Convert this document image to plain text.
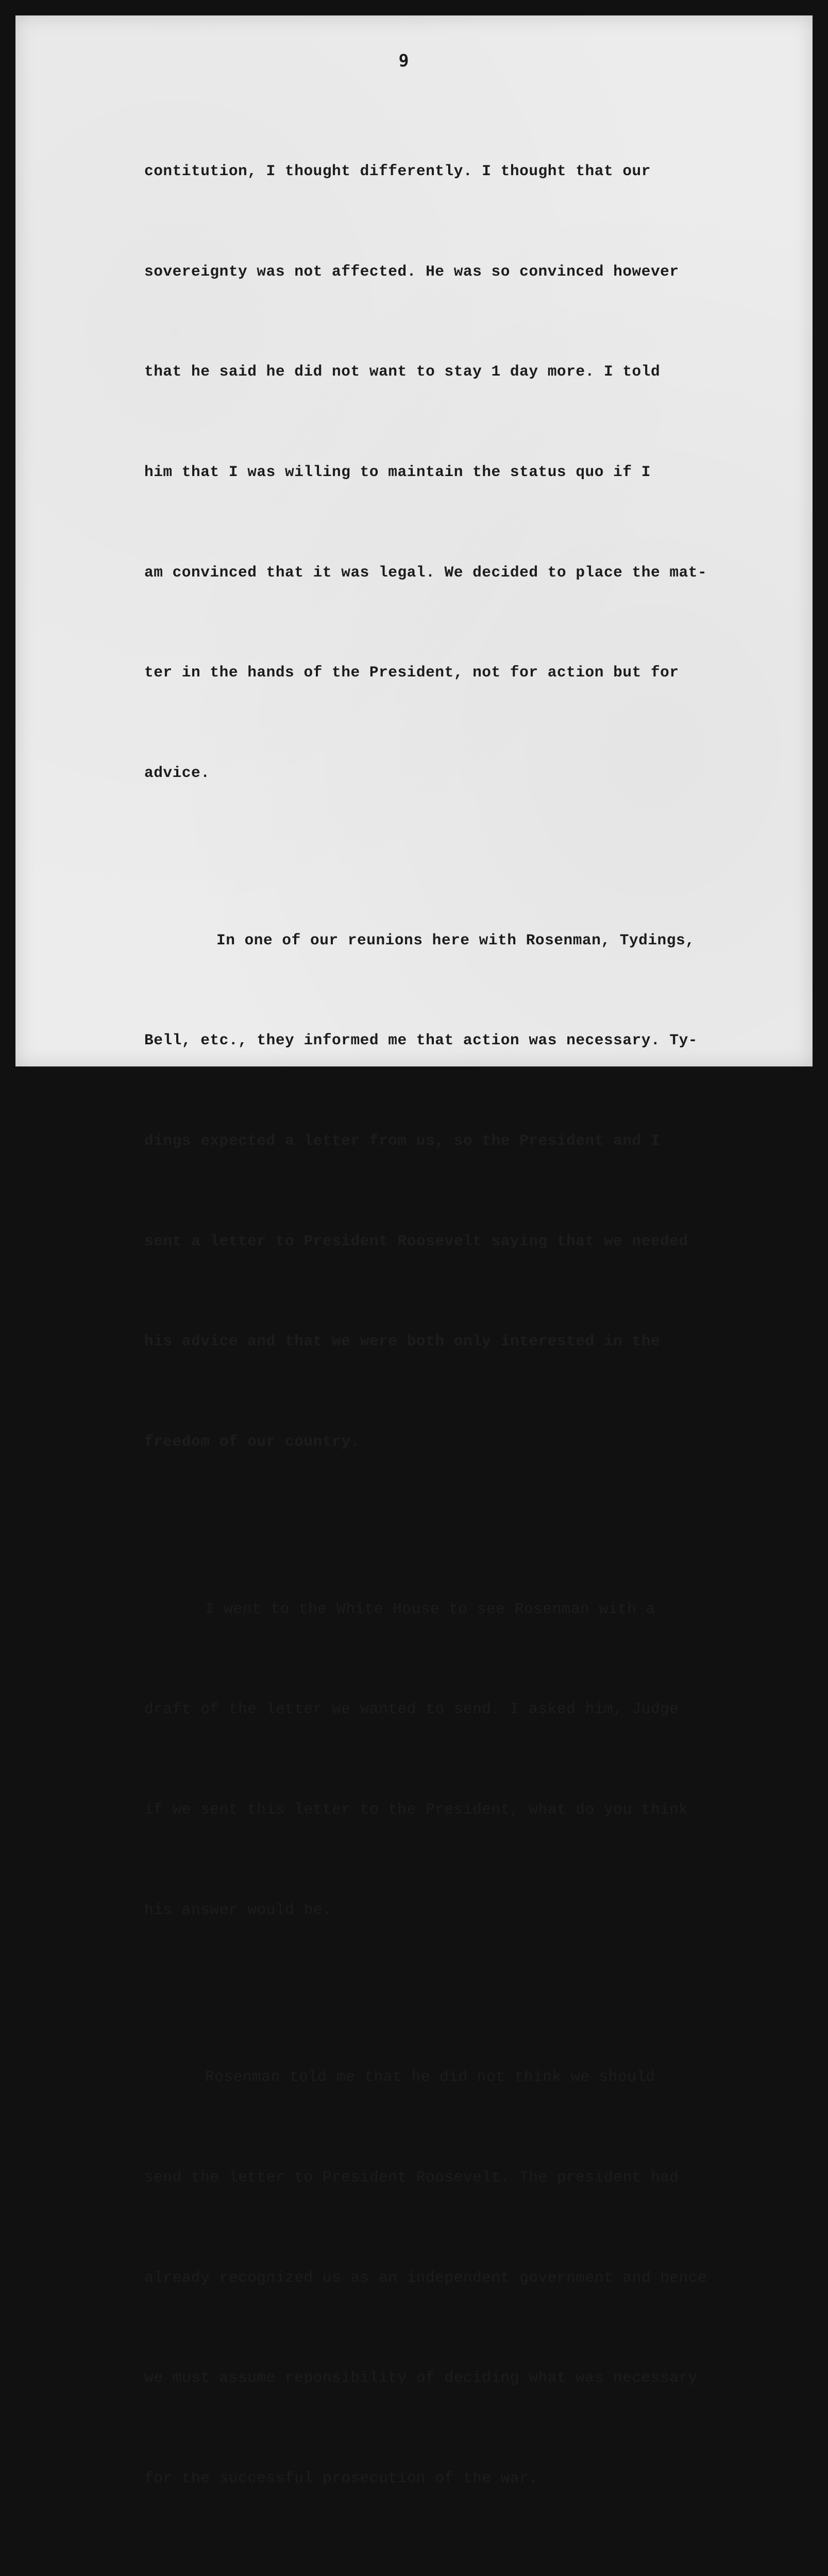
9

contitution, I thought differently. I thought that our

sovereignty was not affected. He was so convinced however

that he said he did not want to stay 1 day more. I told

him that I was willing to maintain the status quo if I

am convinced that it was legal. We decided to place the mat-

ter in the hands of the President, not for action but for

advice.

In one of our reunions here with Rosenman, Tydings,

Bell, etc., they informed me that action was necessary. Ty-

dings expected a letter from us, so the President and I

sent a letter to President Roosevelt saying that we needed

his advice and that we were both only interested in the

freedom of our country.

I went to the White House to see Rosenman with a

draft of the letter we wanted to send. I asked him, Judge

if we sent this letter to the President, what do you think

his answer would be.

Rosenman told me that he did not think we should

send the letter to President Roosevelt. The president had

already recognized us as an independent government and hence

we must assume reponsibility of deciding what was necessary

for the successful prosecution of the war.
